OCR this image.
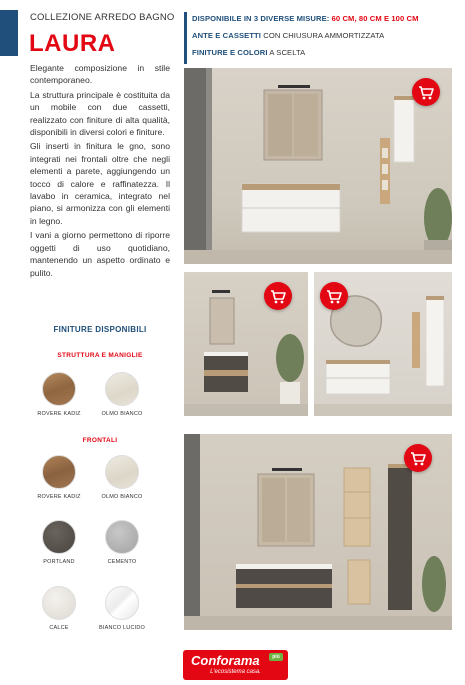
COLLEZIONE ARREDO BAGNO
LAURA

Elegante composizione in stile contemporaneo.

La struttura principale è costituita da un mobile con due cassetti, realizzato con finiture di alta qualità, disponibili in diversi colori e finiture.

Gli inserti in finitura le gno, sono integrati nei frontali oltre che negli elementi a parete, aggiungendo un tocco di calore e raffinatezza. Il lavabo in ceramica, integrato nel piano, si armonizza con gli elementi in legno.

I vani a giorno permettono di riporre oggetti di uso quotidiano, mantenendo un aspetto ordinato e pulito.

FINITURE DISPONIBILI
STRUTTURA E MANIGLIE
ROVERE KADIZ	OLMO BIANCO
FRONTALI
ROVERE KADIZ	OLMO BIANCO
PORTLAND	CEMENTO
CALCE	BIANCO LUCIDO
DISPONIBILE IN 3 DIVERSE MISURE: 60 CM, 80 CM E 100 CM
ANTE E CASSETTI CON CHIUSURA AMMORTIZZATA
FINITURE E COLORI A SCELTA
Conforama	più
L'ecosistema casa.
